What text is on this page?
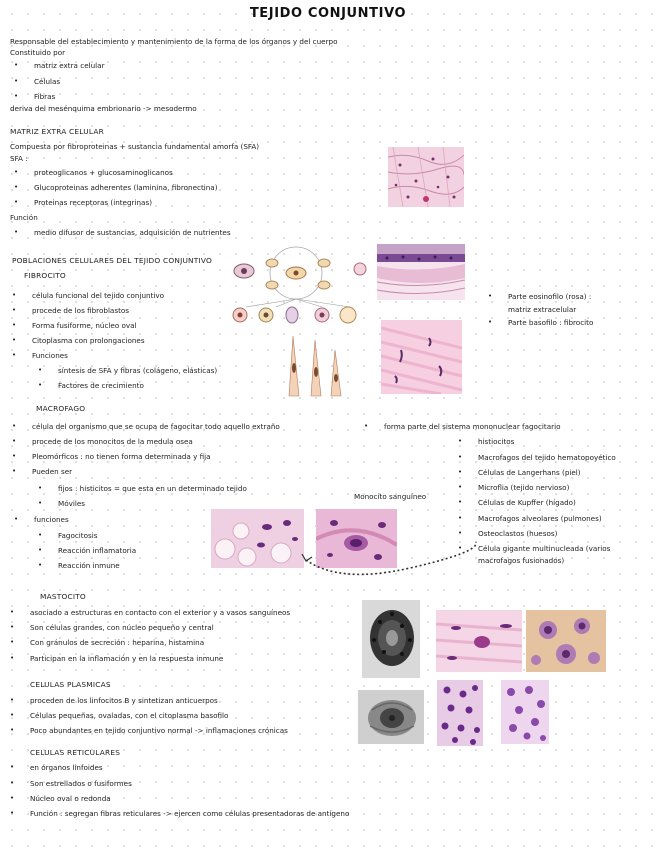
TEJIDO CONJUNTIVO
Responsable del establecimiento y mantenimiento de la forma de los órganos y del cuerpo
Constituido por
• matriz extra celular
• Células
• Fibras
deriva del mesénquima embrionario -> mesodermo
MATRIZ EXTRA CELULAR
Compuesta por fibroproteinas + sustancia fundamental amorfa (SFA)
SFA :
• proteoglicanos + glucosaminoglicanos
• Glucoproteinas adherentes (laminina, fibronectina)
• Proteinas receptoras (integrinas)
Función
• medio difusor de sustancias, adquisición de nutrientes
POBLACIONES CELULARES DEL TEJIDO CONJUNTIVO
FIBROCITO
• célula funcional del tejido conjuntivo
• procede de los fibroblastos
• Forma fusiforme, núcleo oval
• Citoplasma con prolongaciones
• Funciones
• síntesis de SFA y fibras (colágeno, elásticas)
• Factores de crecimiento
• Parte eosinofilo (rosa) :
matriz extracelular
• Parte basofilo : fibrocito
MACROFAGO
• célula del organismo que se ocupa de fagocitar todo aquello extraño
• procede de los monocitos de la medula osea
• Pleomórficos : no tienen forma determinada y fija
• Pueden ser
• fijos : histicitos = que esta en un determinado tejido
• Móviles
• funciones
• Fagocitosis
• Reacción inflamatoria
• Reacción inmune
Monocito sanguíneo
• forma parte del sistema mononuclear fagocitario
• histiocitos
• Macrofagos del tejido hematopoyético
• Células de Langerhans (piel)
• Microflia (tejido nervioso)
• Células de Kupffer (hígado)
• Macrofagos alveolares (pulmones)
• Osteoclastos (huesos)
• Célula gigante multinucleada (varios
macrofagos fusionados)
MASTOCITO
• asociado a estructuras en contacto con el exterior y a vasos sanguíneos
• Son células grandes, con núcleo pequeño y central
• Con gránulos de secreción : heparina, histamina
• Participan en la inflamación y en la respuesta inmune
CELULAS PLASMICAS
• proceden de los linfocitos B y sintetizan anticuerpos
• Células pequeñas, ovaladas, con el citoplasma basofilo
• Poco abundantes en tejido conjuntivo normal -> inflamaciones crónicas
CELULAS RETICULARES
• en órganos linfoides
• Son estrellados o fusiformes
• Núcleo oval o redonda
• Función : segregan fibras reticulares -> ejercen como células presentadoras de antígeno
